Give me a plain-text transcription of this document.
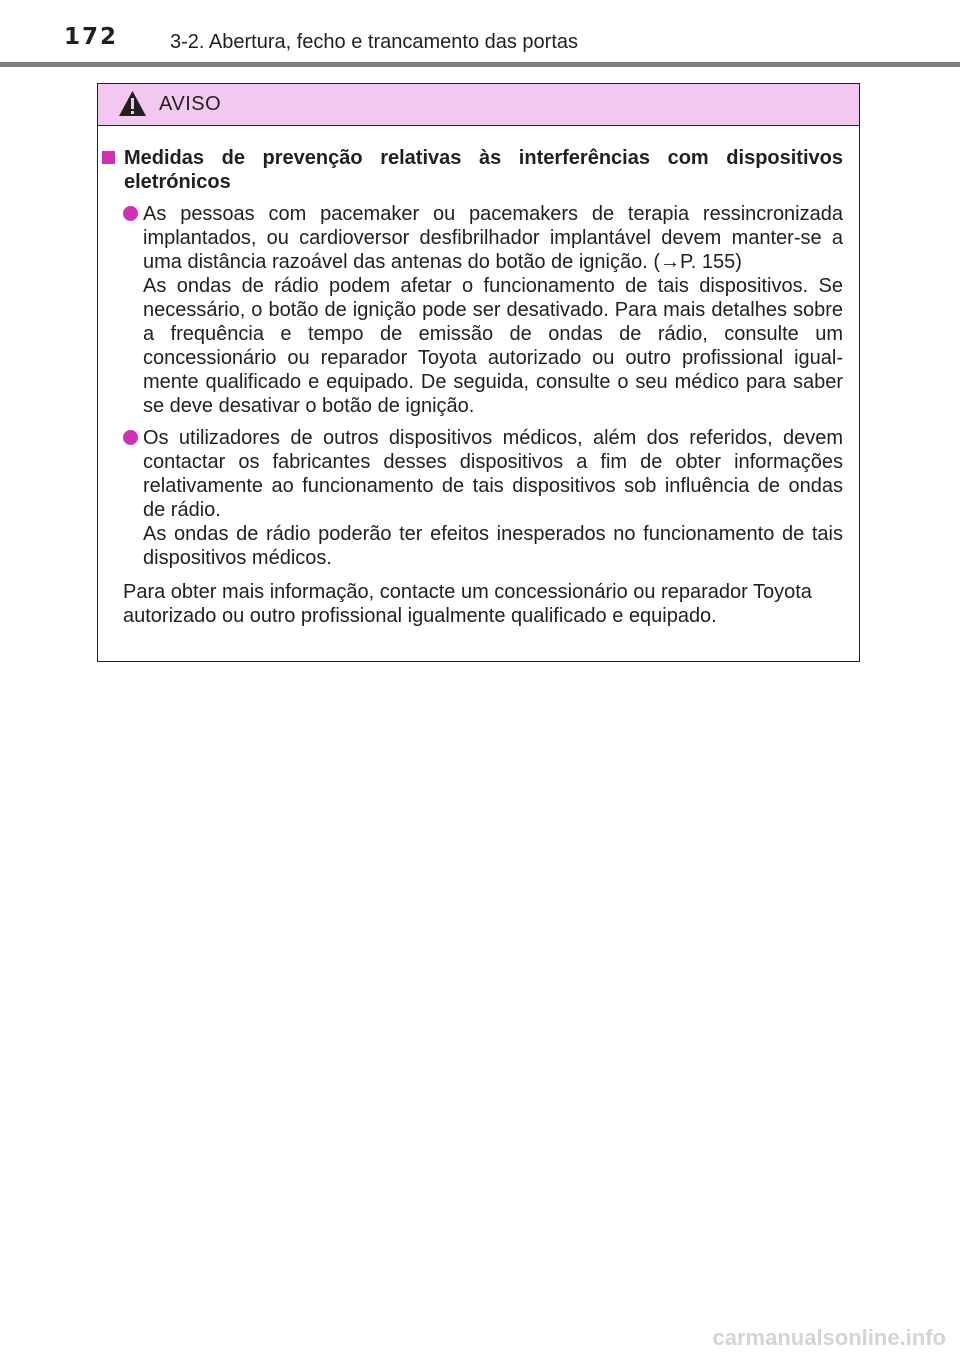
172	3-2. Abertura, fecho e trancamento das portas
AVISO
Medidas de prevenção relativas às interferências com dispositivos eletrónicos

As pessoas com pacemaker ou pacemakers de terapia ressincronizada implantados, ou cardioversor desfibrilhador implantável devem manter-se a uma distância razoável das antenas do botão de ignição. (→P. 155)

As ondas de rádio podem afetar o funcionamento de tais dispositivos. Se necessário, o botão de ignição pode ser desativado. Para mais detalhes sobre a frequência e tempo de emissão de ondas de rádio, consulte um concessionário ou reparador Toyota autorizado ou outro profissional igual-mente qualificado e equipado. De seguida, consulte o seu médico para saber se deve desativar o botão de ignição.

Os utilizadores de outros dispositivos médicos, além dos referidos, devem contactar os fabricantes desses dispositivos a fim de obter informações relativamente ao funcionamento de tais dispositivos sob influência de ondas de rádio.

As ondas de rádio poderão ter efeitos inesperados no funcionamento de tais dispositivos médicos.

Para obter mais informação, contacte um concessionário ou reparador Toyota autorizado ou outro profissional igualmente qualificado e equipado.
carmanualsonline.info
